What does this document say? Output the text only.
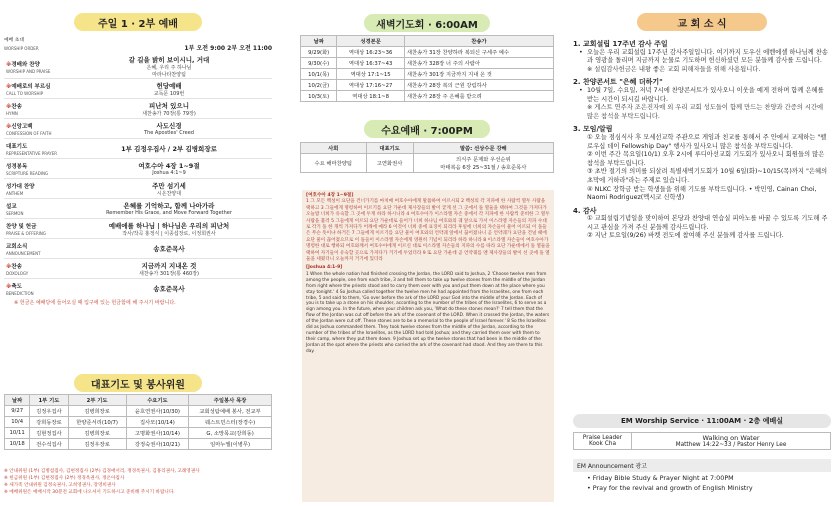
주일 1 · 2부 예배
예배 초대
WORSHIP ORDER	1부 오전 9:00 2부 오전 11:00
※경배와 찬양
WORSHIP AND PRAISE	갈 길을 밝히 보이시니, 거대
은혜, 우리 주 하나님
마라나타찬양팀

※예배로의 부르심
CALL TO WORSHIP	헌당예배
교독문 109번

※찬송
HYMN	피난처 있으니
새찬송가 70장(통 79장)

※신앙고백
CONFESSION OF FAITH	사도신경
The Apostles' Creed

대표기도
REPRESENTATIVE PRAYER	1부 김정우집사 / 2부 김병희장로

성경봉독
SCRIPTURE READING	여호수아 4장 1~9절
Joshua 4:1~9

성가대 찬양
ANTHEM	주만 섬기세
시온찬양대

설교
SERMON	은혜를 기억하고, 함께 나아가라
Remember His Grace, and Move Forward Together

찬양 및 헌금
PRAISE & OFFERING	예배에를 하나님 | 하나님은 우리의 피난처
작사/작곡 홍정식 | 이종섭장로, 이정희권사

교회소식
ANNOUNCEMENT	송호준목사

※찬송
DOXOLOGY	지금까지 지내온 것
새찬송가 301장(통 460장)

※축도
BENEDICTION	송호준목사
※ 헌금은 예배당에 들어오실 때 입구에 있는 헌금함에 해 주시기 바랍니다.
대표기도 및 봉사위원
날짜	1부 기도	2부 기도	수요기도	주일봉사 목장
9/27	김정우집사	김병희장로	윤호연권사(10/30)	교회성탐예배 봉사, 전교부
10/4	강희동장로	한양준서리(10/7)	집사모(10/14)	웨스트민스터(장경수)
10/11	김현정집사	김병희장로	고명화권사(10/14)	G, 소망목교(강희동)
10/18	전수석집사	김정우장로	강정숙권사(10/21)	임마누엘(이병무)
※ 안내위원 (1부) 김병섭집사, 김현정집사 (2부) 김경애서리, 정경옥권사, 김홍리권사, 고례영권사
※ 헌금위원 (1부) 김현정집사 (2부) 정경옥권사, 정온아집사
※ 새가족 안내위원 김정숙권사, 고희영권사, 장영희권사
※ 예배위원은 예배시작 30분전 교회에 나오셔서 기도하시고 준비해 주시기 바랍니다.
새벽기도회 · 6:00AM
날짜	성경본문	찬송가
9/29(화)	역대상 16:23~36	새찬송가 31장 찬양하라 복되신 구세주 예수
9/30(수)	역대상 16:37~43	새찬송가 328장 너 주의 사람아
10/1(목)	역대상 17:1~15	새찬송가 301장 지금까지 지내 온 것
10/2(금)	역대상 17:16~27	새찬송가 28장 복의 근원 강림하사
10/3(토)	역대상 18:1~8	새찬송가 28장 주 은혜를 받으려
수요예배 · 7:00PM
사회	대표기도	말씀: 선상수문 강해
수요 해마찬양팀	고연화권사	의식주 문제와 우선순위
마태복음 6장 25~31절 / 송호준목사
[여호수아 4장 1~9절]
1 그 모든 백성이 요단을 건너가기를 마치매 여호수아에게 말씀하여 이르시되 2 백성의 각 지파에 한 사람씩 열두 사람을 택하고 3 그들에게 명령하여 이르기를 요단 가운데 제사장들의 발이 굳게 선 그 곳에서 돌 열둘을 택하여 그것을 가져다가 오늘밤 너희가 유숙할 그 곳에 두게 하라 하시니라 4 여호수아가 이스라엘 자손 중에서 각 지파에 한 사람씩 준비한 그 열두 사람을 불러 5 그들에게 이르되 요단 가운데로 들어가 너희 하나님 여호와의 궤 앞으로 가서 이스라엘 자손들의 지파 수대로 각기 돌 한 개씩 가져다가 어깨에 메라 6 이것이 너희 중에 표징이 되리라 후일에 너희의 자손들이 물어 이르되 이 돌들은 무슨 뜻이냐 하거든 7 그들에게 이르기를 요단 물이 여호와의 언약궤 앞에서 끊어졌나니 곧 언약궤가 요단을 건널 때에 요단 물이 끊어졌으므로 이 돌들이 이스라엘 자손에게 영원히 기념이 되리라 하라 하니라 8 이스라엘 자손들이 여호수아가 명령한 대로 행하되 여호와께서 여호수아에게 이르신 대로 이스라엘 자손들의 지파의 수를 따라 요단 가운데에서 돌 열둘을 택하여 자기들이 유숙할 곳으로 가져다가 거기에 두었더라 9 또 요단 가운데 곧 언약궤를 멘 제사장들의 발이 선 곳에 돌 열둘을 세웠더니 오늘까지 거기에 있더라
[Joshua 4:1-9]
1 When the whole nation had finished crossing the Jordan, the LORD said to Joshua, 2 'Choose twelve men from among the people, one from each tribe, 3 and tell them to take up twelve stones from the middle of the Jordan from right where the priests stood and to carry them over with you and put them down at the place where you stay tonight.' 4 So Joshua called together the twelve men he had appointed from the Israelites, one from each tribe, 5 and said to them, 'Go over before the ark of the LORD your God into the middle of the Jordan. Each of you is to take up a stone on his shoulder, according to the number of the tribes of the Israelites, 6 to serve as a sign among you. In the future, when your children ask you, 'What do these stones mean?' 7 tell them that the flow of the Jordan was cut off before the ark of the covenant of the LORD. When it crossed the Jordan, the waters of the Jordan were cut off. These stones are to be a memorial to the people of Israel forever.' 8 So the Israelites did as Joshua commanded them. They took twelve stones from the middle of the Jordan, according to the number of the tribes of the Israelites, as the LORD had told Joshua; and they carried them over with them to their camp, where they put them down. 9 Joshua set up the twelve stones that had been in the middle of the Jordan at the spot where the priests who carried the ark of the covenant had stood. And they are there to this day.
교 회 소 식
1. 교회설립 17주년 감사 주일

• 오늘은 우리 교회설립 17주년 감사주일입니다. 여기까지 도우신 에벤에셀 하나님께 찬송과 영광을 돌리며 지금까지 눈물로 기도하며 헌신하셨던 모든 분들께 감사를 드립니다.

※ 설립감사헌금은 내왕 좋은 교회 피해자들을 위해 사용됩니다.

2. 찬양콘서트 "은혜 더하기"

• 10월 7일, 수요일, 저녁 7시에 찬양콘서트가 있사오니 이웃을 예게 전하며 함께 은혜를 받는 시간이 되시길 바랍니다.

※ 게스트 연주자 조은진자매 외 우리 교회 성도들이 함께 만드는 찬양과 간증의 시간에 많은 참석을 부탁드립니다.

3. 모임/알림

① 오늘 점심식사 후 모세선교학 주관으로 게임과 친교를 통해서 주 안에서 교제하는 "펠로우십 데이 Fellowship Day" 행사가 있사오니 많은 참석을 부탁드립니다.

② 이번 주간 목요일(10/1) 오후 2시에 루디아선교회 기도회가 있사오니 회원들의 많은 참석을 부탁드립니다.

③ 초반 절기의 의미를 되살려 특별새벽기도회가 10월 6일(화)~10/15(목)까지 "은혜의 초막에 거하라"라는 주제로 있습니다.

④ NLKC 장학금 받는 학생들을 위해 기도를 부탁드립니다. • 박민영, Cainan Choi, Naomi Rodriguez(멕시코 신학생)

4. 감사

① 교회설립기념일을 맞이하여 본당과 찬양대 연습실 피아노를 바꿀 수 있도록 기도해 주시고 관심을 가져 주신 분들께 감사드립니다.

② 지난 토요일(9/26) 바켓 전도에 참여해 주신 분들께 감사를 드립니다.

EM Worship Service · 11:00AM · 2층 예배실
Praise Leader
Kook Cha

Walking on Water
Matthew 14:22~33 / Pastor Henry Lee
EM Announcement 광고
• Friday Bible Study & Prayer Night at 7:00PM
• Pray for the revival and growth of English Ministry
